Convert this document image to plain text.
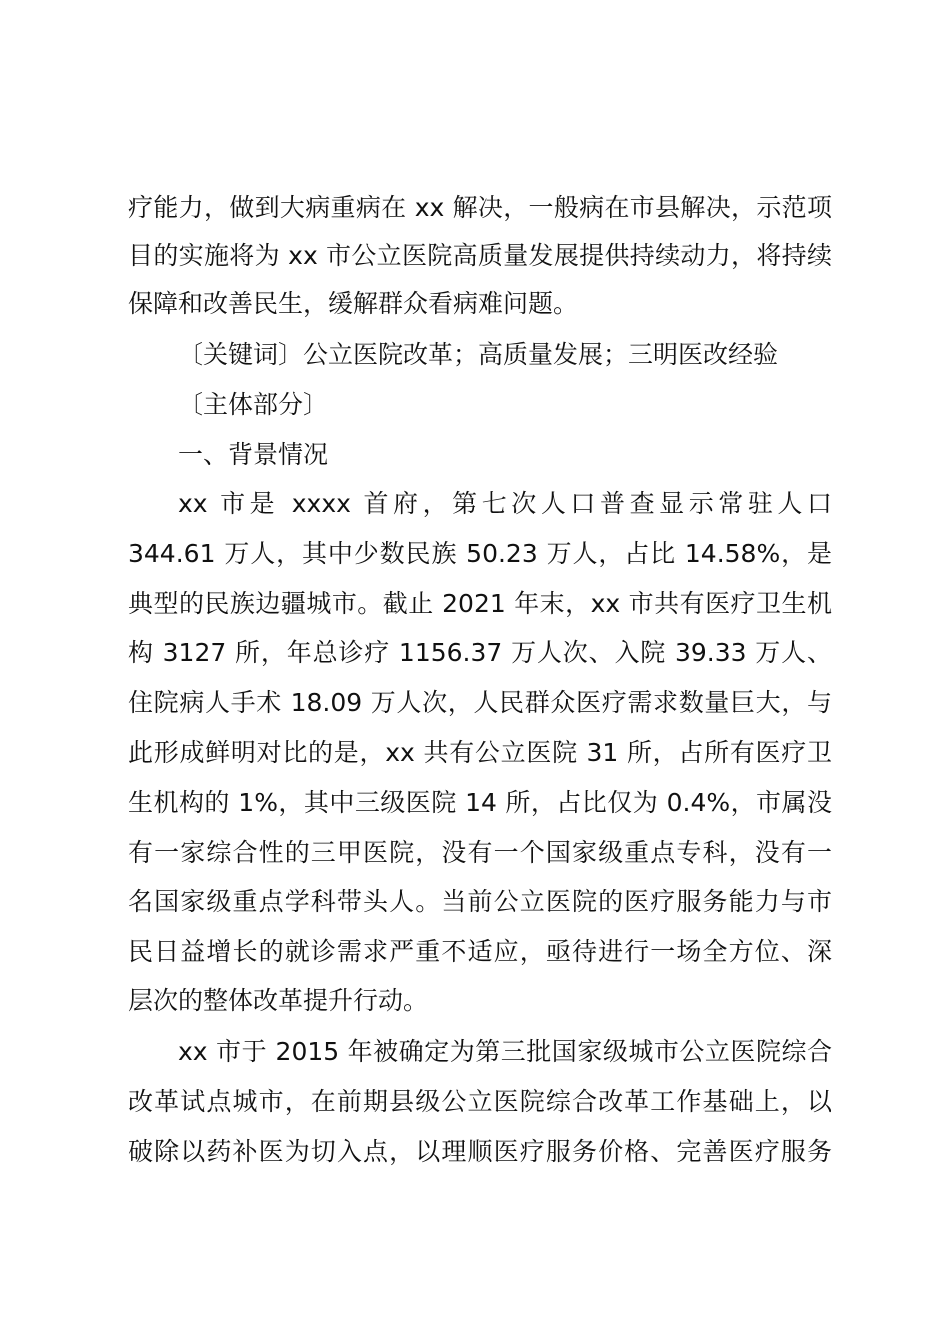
疗能力，做到大病重病在 xx 解决，一般病在市县解决，示范项
目的实施将为 xx 市公立医院高质量发展提供持续动力，将持续
保障和改善民生，缓解群众看病难问题。
〔关键词〕公立医院改革；高质量发展；三明医改经验
〔主体部分〕
一、背景情况
xx 市是 xxxx 首府，第七次人口普查显示常驻人口
344.61 万人，其中少数民族 50.23 万人，占比 14.58%，是
典型的民族边疆城市。截止 2021 年末，xx 市共有医疗卫生机
构 3127 所，年总诊疗 1156.37 万人次、入院 39.33 万人、
住院病人手术 18.09 万人次，人民群众医疗需求数量巨大，与
此形成鲜明对比的是，xx 共有公立医院 31 所，占所有医疗卫
生机构的 1%，其中三级医院 14 所，占比仅为 0.4%，市属没
有一家综合性的三甲医院，没有一个国家级重点专科，没有一
名国家级重点学科带头人。当前公立医院的医疗服务能力与市
民日益增长的就诊需求严重不适应，亟待进行一场全方位、深
层次的整体改革提升行动。
xx 市于 2015 年被确定为第三批国家级城市公立医院综合
改革试点城市，在前期县级公立医院综合改革工作基础上，以
破除以药补医为切入点，以理顺医疗服务价格、完善医疗服务
